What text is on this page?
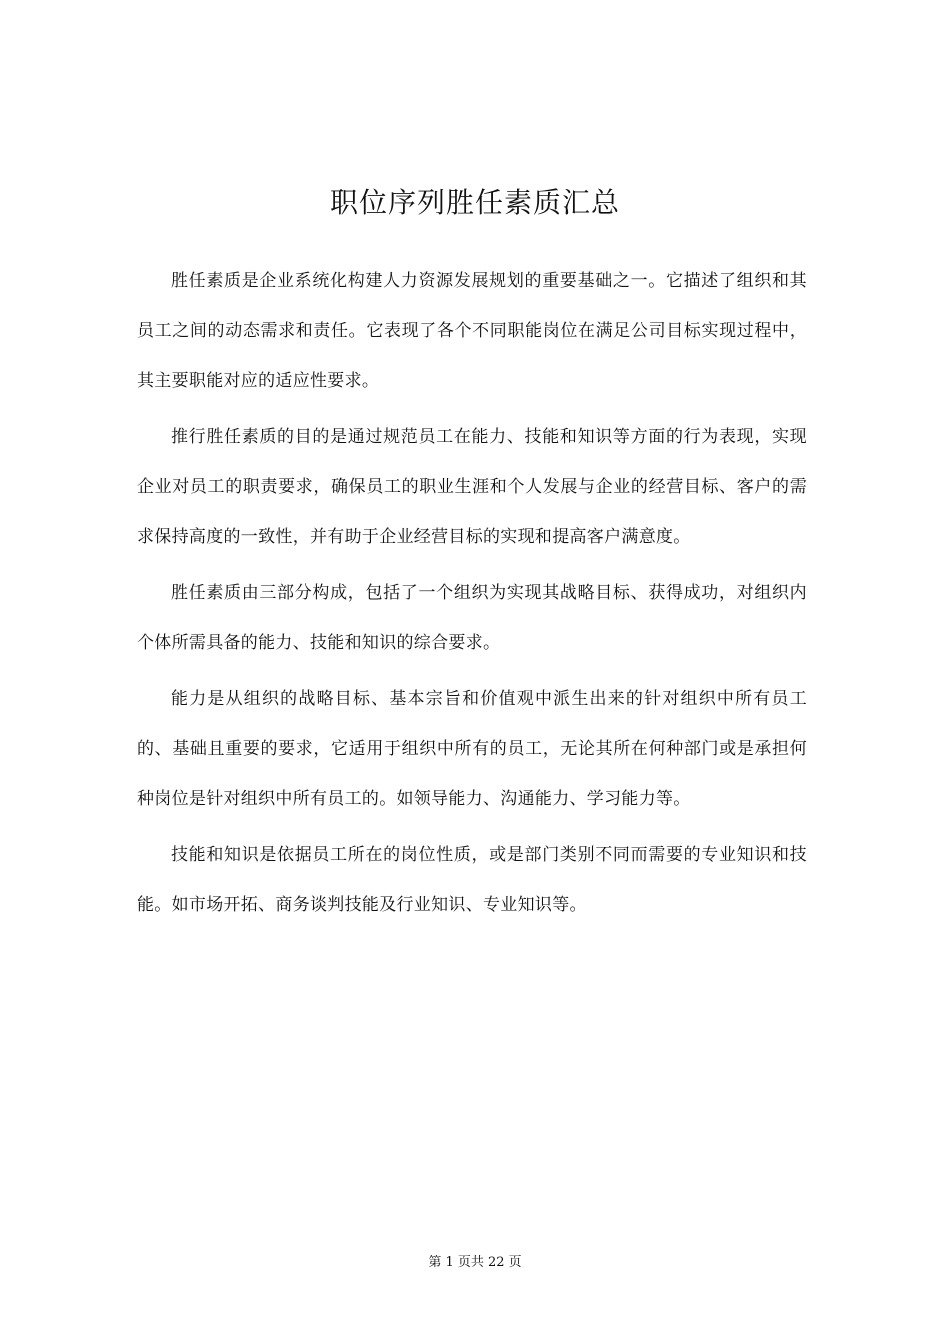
职位序列胜任素质汇总

胜任素质是企业系统化构建人力资源发展规划的重要基础之一。它描述了组织和其员工之间的动态需求和责任。它表现了各个不同职能岗位在满足公司目标实现过程中，其主要职能对应的适应性要求。

推行胜任素质的目的是通过规范员工在能力、技能和知识等方面的行为表现，实现企业对员工的职责要求，确保员工的职业生涯和个人发展与企业的经营目标、客户的需求保持高度的一致性，并有助于企业经营目标的实现和提高客户满意度。

胜任素质由三部分构成，包括了一个组织为实现其战略目标、获得成功，对组织内个体所需具备的能力、技能和知识的综合要求。

能力是从组织的战略目标、基本宗旨和价值观中派生出来的针对组织中所有员工的、基础且重要的要求，它适用于组织中所有的员工，无论其所在何种部门或是承担何种岗位是针对组织中所有员工的。如领导能力、沟通能力、学习能力等。

技能和知识是依据员工所在的岗位性质，或是部门类别不同而需要的专业知识和技能。如市场开拓、商务谈判技能及行业知识、专业知识等。

第 1 页共 22 页
